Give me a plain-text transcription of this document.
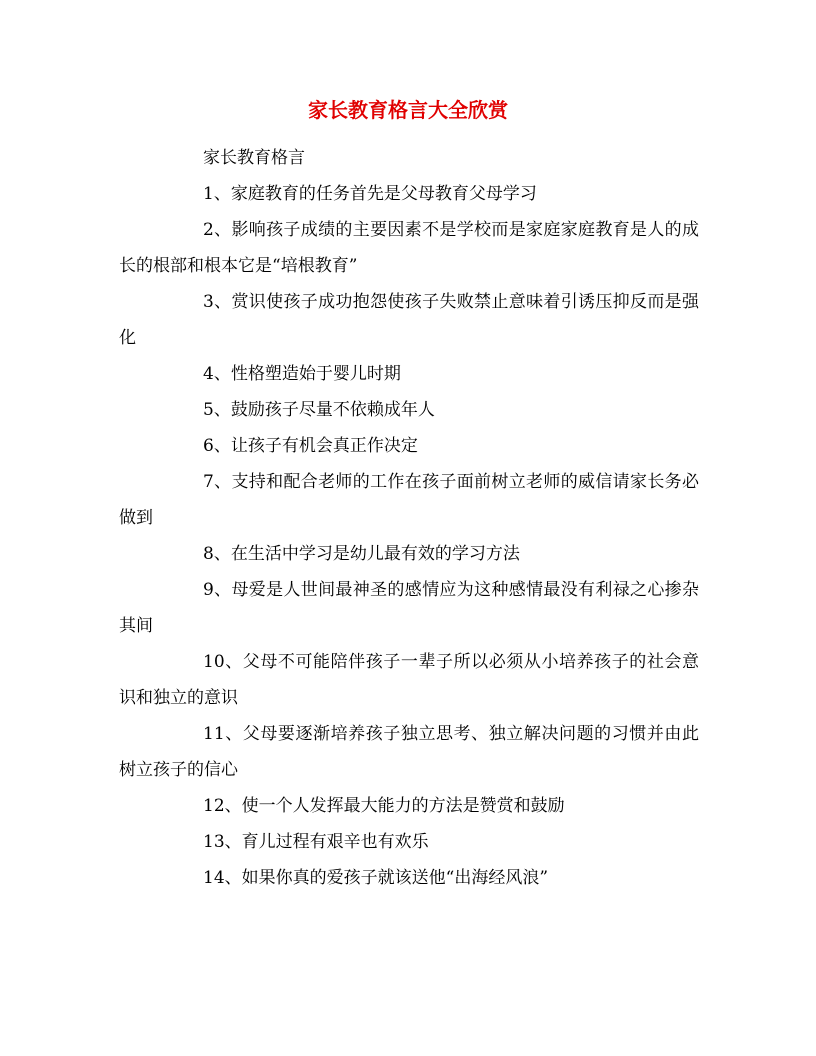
家长教育格言大全欣赏

家长教育格言

1、家庭教育的任务首先是父母教育父母学习

2、影响孩子成绩的主要因素不是学校而是家庭家庭教育是人的成长的根部和根本它是“培根教育”

3、赏识使孩子成功抱怨使孩子失败禁止意味着引诱压抑反而是强化

4、性格塑造始于婴儿时期

5、鼓励孩子尽量不依赖成年人

6、让孩子有机会真正作决定

7、支持和配合老师的工作在孩子面前树立老师的威信请家长务必做到

8、在生活中学习是幼儿最有效的学习方法

9、母爱是人世间最神圣的感情应为这种感情最没有利禄之心掺杂其间

10、父母不可能陪伴孩子一辈子所以必须从小培养孩子的社会意识和独立的意识

11、父母要逐渐培养孩子独立思考、独立解决问题的习惯并由此树立孩子的信心

12、使一个人发挥最大能力的方法是赞赏和鼓励

13、育儿过程有艰辛也有欢乐

14、如果你真的爱孩子就该送他“出海经风浪”
